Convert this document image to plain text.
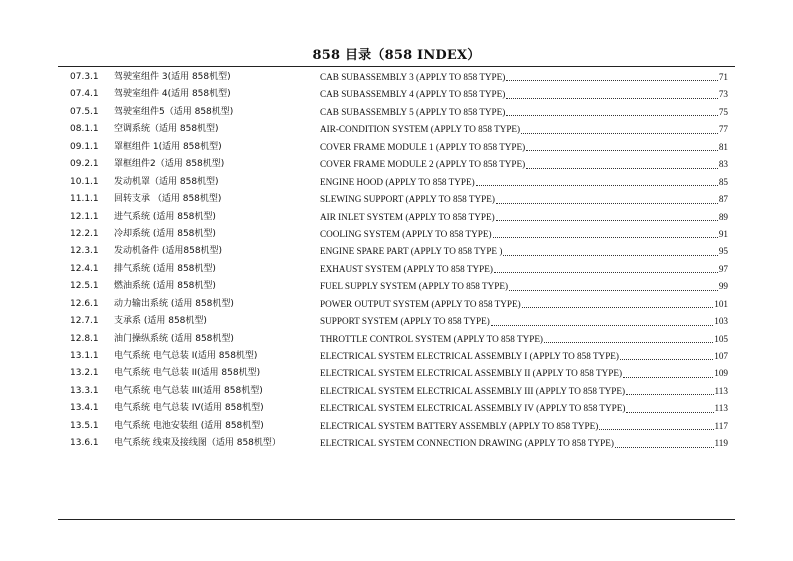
858 目录（858 INDEX）
07.3.1	驾驶室组件 3(适用 858机型)	CAB SUBASSEMBLY 3 (APPLY TO 858 TYPE)	71
07.4.1	驾驶室组件 4(适用 858机型)	CAB SUBASSEMBLY 4 (APPLY TO 858 TYPE)	73
07.5.1	驾驶室组件5（适用 858机型)	CAB SUBASSEMBLY 5 (APPLY TO 858 TYPE)	75
08.1.1	空调系统（适用 858机型)	AIR-CONDITION SYSTEM (APPLY TO 858 TYPE)	77
09.1.1	罩框组件 1(适用 858机型)	COVER FRAME MODULE 1 (APPLY TO 858 TYPE)	81
09.2.1	罩框组件2（适用 858机型)	COVER FRAME MODULE 2 (APPLY TO 858 TYPE)	83
10.1.1	发动机罩（适用 858机型)	ENGINE HOOD (APPLY TO 858 TYPE)	85
11.1.1	回转支承 （适用 858机型)	SLEWING SUPPORT (APPLY TO 858 TYPE)	87
12.1.1	进气系统 (适用 858机型)	AIR INLET SYSTEM (APPLY TO 858 TYPE)	89
12.2.1	冷却系统 (适用 858机型)	COOLING SYSTEM (APPLY TO 858 TYPE)	91
12.3.1	发动机备件 (适用858机型)	ENGINE SPARE PART (APPLY TO 858 TYPE )	95
12.4.1	排气系统 (适用 858机型)	EXHAUST SYSTEM (APPLY TO 858 TYPE)	97
12.5.1	燃油系统 (适用 858机型)	FUEL SUPPLY SYSTEM (APPLY TO 858 TYPE)	99
12.6.1	动力输出系统 (适用 858机型)	POWER OUTPUT SYSTEM (APPLY TO 858 TYPE)	101
12.7.1	支承系 (适用 858机型)	SUPPORT SYSTEM (APPLY TO 858 TYPE)	103
12.8.1	油门操纵系统 (适用 858机型)	THROTTLE CONTROL SYSTEM (APPLY TO 858 TYPE)	105
13.1.1	电气系统 电气总装 I(适用 858机型)	ELECTRICAL SYSTEM ELECTRICAL ASSEMBLY I (APPLY TO 858 TYPE)	107
13.2.1	电气系统 电气总装 II(适用 858机型)	ELECTRICAL SYSTEM ELECTRICAL ASSEMBLY II (APPLY TO 858 TYPE)	109
13.3.1	电气系统 电气总装 III(适用 858机型)	ELECTRICAL SYSTEM ELECTRICAL ASSEMBLY III (APPLY TO 858 TYPE)	113
13.4.1	电气系统 电气总装 IV(适用 858机型)	ELECTRICAL SYSTEM ELECTRICAL ASSEMBLY IV (APPLY TO 858 TYPE)	113
13.5.1	电气系统 电池安装组 (适用 858机型)	ELECTRICAL SYSTEM BATTERY ASSEMBLY (APPLY TO 858 TYPE)	117
13.6.1	电气系统 线束及接线图（适用 858机型）	ELECTRICAL SYSTEM CONNECTION DRAWING (APPLY TO 858 TYPE)	119
